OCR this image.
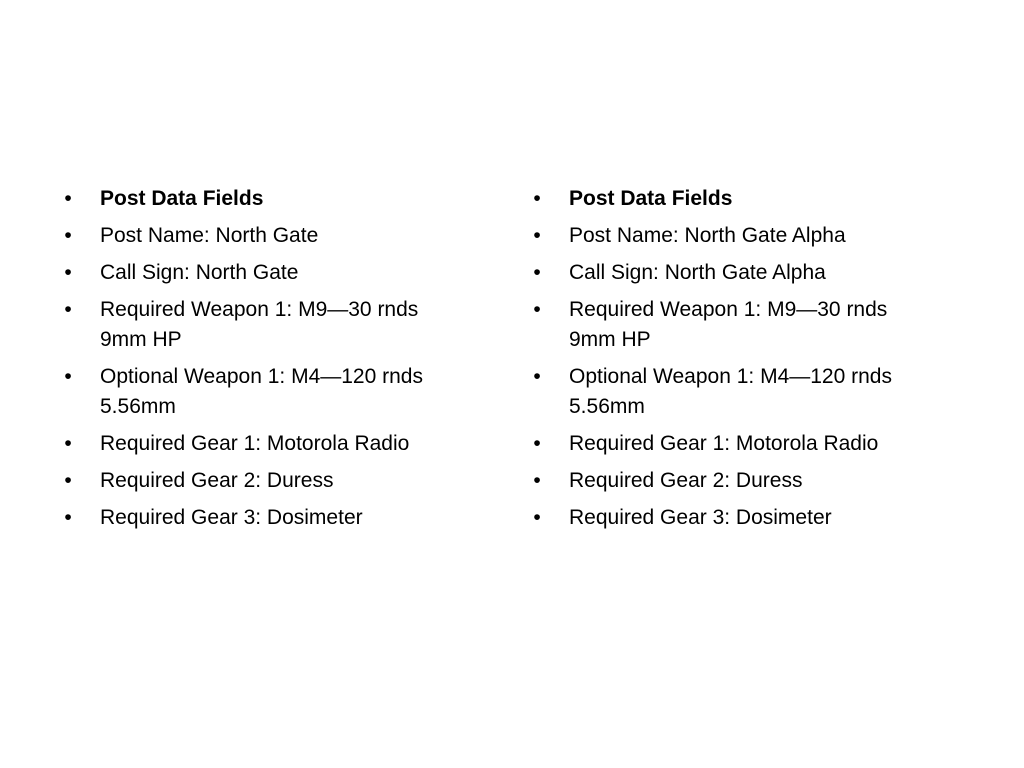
• Post Data Fields
• Post Name: North Gate
• Call Sign: North Gate
• Required Weapon 1: M9—30 rnds 9mm HP
• Optional Weapon 1: M4—120 rnds 5.56mm
• Required Gear 1: Motorola Radio
• Required Gear 2: Duress
• Required Gear 3: Dosimeter
• Post Data Fields
• Post Name: North Gate Alpha
• Call Sign: North Gate Alpha
• Required Weapon 1: M9—30 rnds 9mm HP
• Optional Weapon 1: M4—120 rnds 5.56mm
• Required Gear 1: Motorola Radio
• Required Gear 2: Duress
• Required Gear 3: Dosimeter
